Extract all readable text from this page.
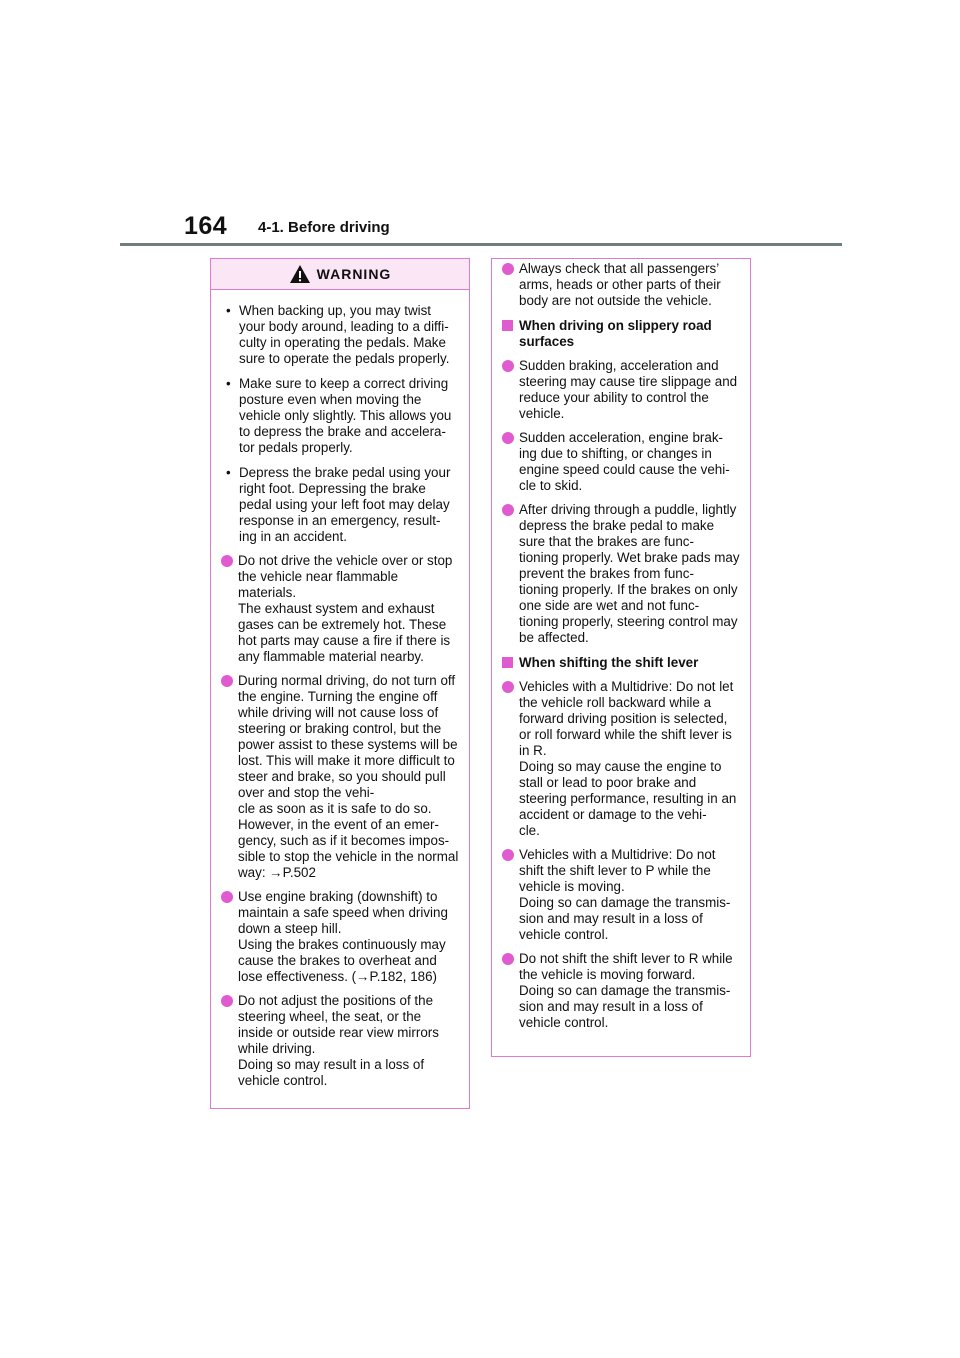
164 4-1. Before driving
WARNING

• When backing up, you may twist your body around, leading to a diffi-
culty in operating the pedals. Make sure to operate the pedals properly.

• Make sure to keep a correct driving posture even when moving the vehicle only slightly. This allows you to depress the brake and accelera-
tor pedals properly.

• Depress the brake pedal using your right foot. Depressing the brake pedal using your left foot may delay response in an emergency, result-
ing in an accident.

Do not drive the vehicle over or stop the vehicle near flammable materials.
The exhaust system and exhaust gases can be extremely hot. These hot parts may cause a fire if there is any flammable material nearby.

During normal driving, do not turn off the engine. Turning the engine off while driving will not cause loss of steering or braking control, but the power assist to these systems will be lost. This will make it more difficult to steer and brake, so you should pull over and stop the vehi-
cle as soon as it is safe to do so. However, in the event of an emer-
gency, such as if it becomes impos-
sible to stop the vehicle in the normal way: →P.502

Use engine braking (downshift) to maintain a safe speed when driving down a steep hill.
Using the brakes continuously may cause the brakes to overheat and lose effectiveness. (→P.182, 186)

Do not adjust the positions of the steering wheel, the seat, or the inside or outside rear view mirrors while driving.
Doing so may result in a loss of vehicle control.

Always check that all passengers’ arms, heads or other parts of their body are not outside the vehicle.

When driving on slippery road surfaces

Sudden braking, acceleration and steering may cause tire slippage and reduce your ability to control the vehicle.

Sudden acceleration, engine brak-
ing due to shifting, or changes in engine speed could cause the vehi-
cle to skid.

After driving through a puddle, lightly depress the brake pedal to make sure that the brakes are func-
tioning properly. Wet brake pads may prevent the brakes from func-
tioning properly. If the brakes on only one side are wet and not func-
tioning properly, steering control may be affected.

When shifting the shift lever

Vehicles with a Multidrive: Do not let the vehicle roll backward while a forward driving position is selected, or roll forward while the shift lever is in R.
Doing so may cause the engine to stall or lead to poor brake and steering performance, resulting in an accident or damage to the vehi-
cle.

Vehicles with a Multidrive: Do not shift the shift lever to P while the vehicle is moving.
Doing so can damage the transmis-
sion and may result in a loss of vehicle control.

Do not shift the shift lever to R while the vehicle is moving forward.
Doing so can damage the transmis-
sion and may result in a loss of vehicle control.
